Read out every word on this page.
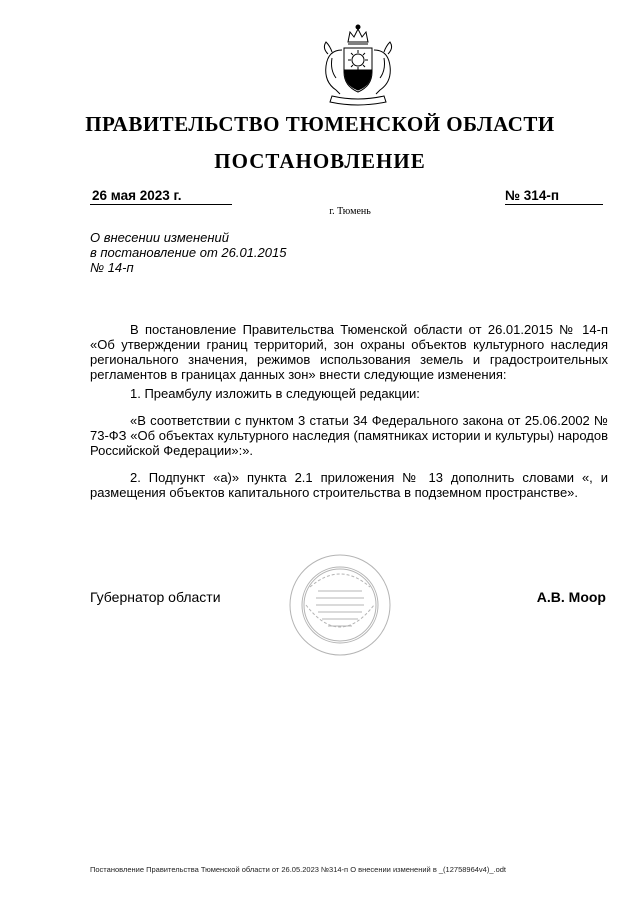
ПРАВИТЕЛЬСТВО ТЮМЕНСКОЙ ОБЛАСТИ
ПОСТАНОВЛЕНИЕ
26 мая 2023 г.	№ 314-п
г. Тюмень
О внесении изменений
в постановление от 26.01.2015
№ 14-п

В постановление Правительства Тюменской области от 26.01.2015 № 14-п «Об утверждении границ территорий, зон охраны объектов культурного наследия регионального значения, режимов использования земель и градостроительных регламентов в границах данных зон» внести следующие изменения:

1. Преамбулу изложить в следующей редакции:

«В соответствии с пунктом 3 статьи 34 Федерального закона от 25.06.2002 № 73-ФЗ «Об объектах культурного наследия (памятниках истории и культуры) народов Российской Федерации»:».

2. Подпункт «а)» пункта 2.1 приложения № 13 дополнить словами «, и размещения объектов капитального строительства в подземном пространстве».

Губернатор области	А.В. Моор
Постановление Правительства Тюменской области от 26.05.2023 №314-п О внесении изменений в _(12758964v4)_.odt
